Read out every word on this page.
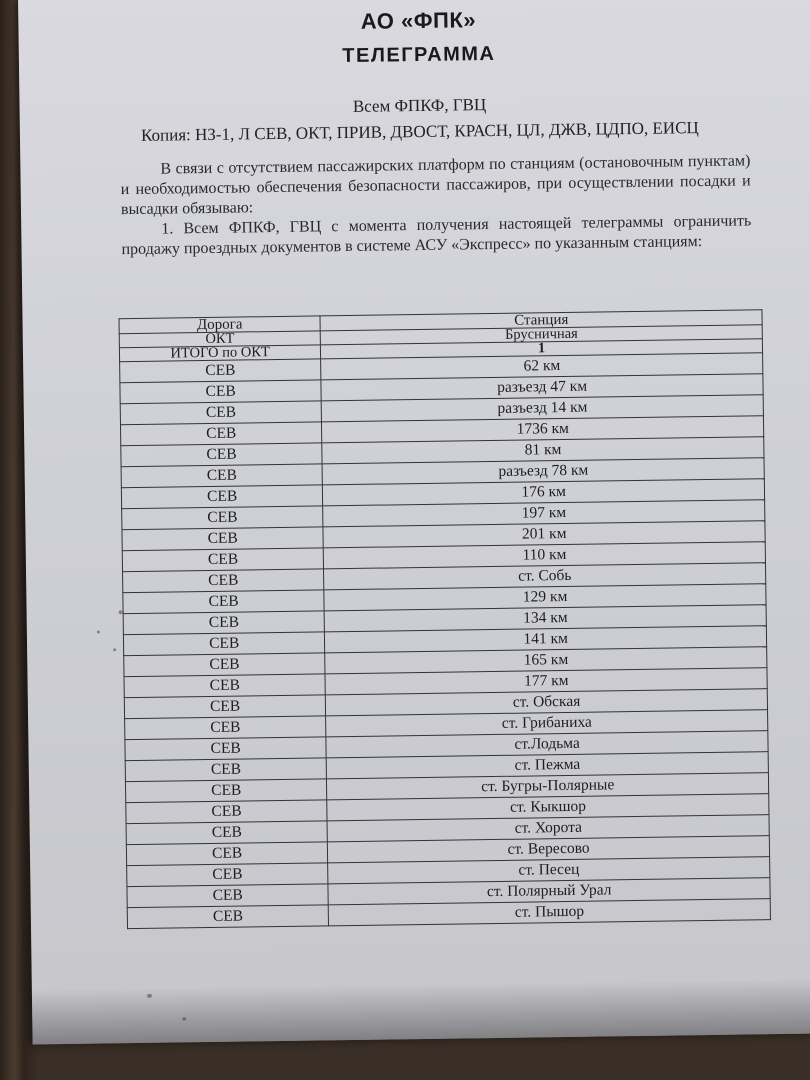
АО «ФПК»
ТЕЛЕГРАММА
Всем ФПКФ, ГВЦ
Копия: НЗ-1, Л СЕВ, ОКТ, ПРИВ, ДВОСТ, КРАСН, ЦЛ, ДЖВ, ЦДПО, ЕИСЦ

В связи с отсутствием пассажирских платформ по станциям (остановочным пунктам) и необходимостью обеспечения безопасности пассажиров, при осуществлении посадки и высадки обязываю:

1. Всем ФПКФ, ГВЦ с момента получения настоящей телеграммы ограничить продажу проездных документов в системе АСУ «Экспресс» по указанным станциям:

Дорога	Станция
ОКТ	Брусничная
ИТОГО по ОКТ	1
СЕВ	62 км
СЕВ	разъезд 47 км
СЕВ	разъезд 14 км
СЕВ	1736 км
СЕВ	81 км
СЕВ	разъезд 78 км
СЕВ	176 км
СЕВ	197 км
СЕВ	201 км
СЕВ	110 км
СЕВ	ст. Собь
СЕВ	129 км
СЕВ	134 км
СЕВ	141 км
СЕВ	165 км
СЕВ	177 км
СЕВ	ст. Обская
СЕВ	ст. Грибаниха
СЕВ	ст.Лодьма
СЕВ	ст. Пежма
СЕВ	ст. Бугры-Полярные
СЕВ	ст. Кыкшор
СЕВ	ст. Хорота
СЕВ	ст. Вересово
СЕВ	ст. Песец
СЕВ	ст. Полярный Урал
СЕВ	ст. Пышор
